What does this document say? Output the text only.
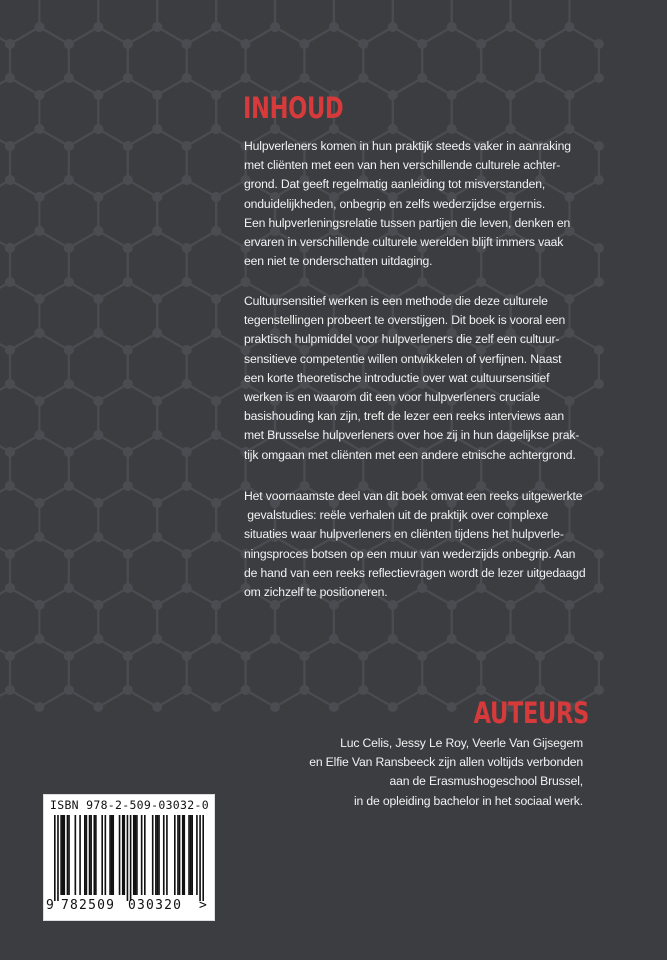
INHOUD

Hulpverleners komen in hun praktijk steeds vaker in aanraking
met cliënten met een van hen verschillende culturele achter-
grond. Dat geeft regelmatig aanleiding tot misverstanden,
onduidelijkheden, onbegrip en zelfs wederzijdse ergernis.
Een hulpverleningsrelatie tussen partijen die leven, denken en
ervaren in verschillende culturele werelden blijft immers vaak
een niet te onderschatten uitdaging.

Cultuursensitief werken is een methode die deze culturele
tegenstellingen probeert te overstijgen. Dit boek is vooral een
praktisch hulpmiddel voor hulpverleners die zelf een cultuur-
sensitieve competentie willen ontwikkelen of verfijnen. Naast
een korte theoretische introductie over wat cultuursensitief
werken is en waarom dit een voor hulpverleners cruciale
basishouding kan zijn, treft de lezer een reeks interviews aan
met Brusselse hulpverleners over hoe zij in hun dagelijkse prak-
tijk omgaan met cliënten met een andere etnische achtergrond.

Het voornaamste deel van dit boek omvat een reeks uitgewerkte
gevalstudies: reële verhalen uit de praktijk over complexe
situaties waar hulpverleners en cliënten tijdens het hulpverle-
ningsproces botsen op een muur van wederzijds onbegrip. Aan
de hand van een reeks reflectievragen wordt de lezer uitgedaagd
om zichzelf te positioneren.

AUTEURS
Luc Celis, Jessy Le Roy, Veerle Van Gijsegem
en Elfie Van Ransbeeck zijn allen voltijds verbonden
aan de Erasmushogeschool Brussel,
in de opleiding bachelor in het sociaal werk.
ISBN 978-2-509-03032-0
9 782509 030320 >
